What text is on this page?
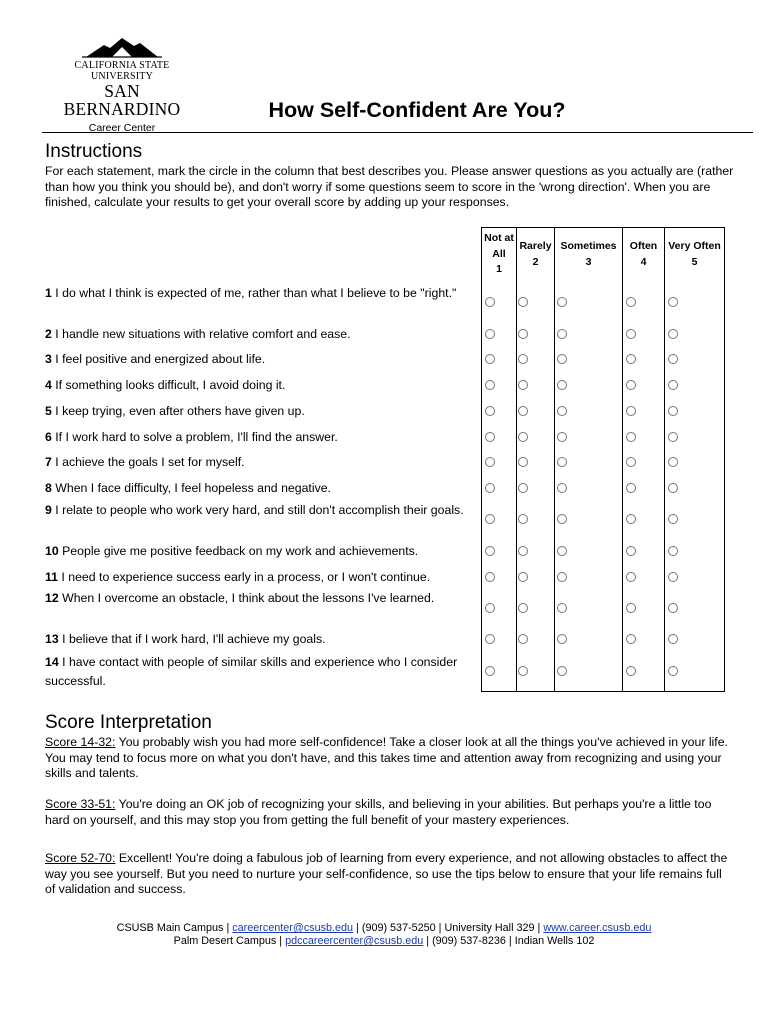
CALIFORNIA STATE UNIVERSITY
SAN BERNARDINO
Career Center
How Self-Confident Are You?
Instructions
For each statement, mark the circle in the column that best describes you. Please answer questions as you actually are (rather than how you think you should be), and don't worry if some questions seem to score in the 'wrong direction'. When you are finished, calculate your results to get your overall score by adding up your responses.
Not at All
1
Rarely
2
Sometimes
3
Often
4
Very Often
5
1 I do what I think is expected of me, rather than what I believe to be "right."
2 I handle new situations with relative comfort and ease.
3 I feel positive and energized about life.
4 If something looks difficult, I avoid doing it.
5 I keep trying, even after others have given up.
6 If I work hard to solve a problem, I'll find the answer.
7 I achieve the goals I set for myself.
8 When I face difficulty, I feel hopeless and negative.
9 I relate to people who work very hard, and still don't accomplish their goals.
10 People give me positive feedback on my work and achievements.
11 I need to experience success early in a process, or I won't continue.
12 When I overcome an obstacle, I think about the lessons I've learned.
13 I believe that if I work hard, I'll achieve my goals.
14 I have contact with people of similar skills and experience who I consider successful.
Score Interpretation
Score 14-32: You probably wish you had more self-confidence! Take a closer look at all the things you've achieved in your life. You may tend to focus more on what you don't have, and this takes time and attention away from recognizing and using your skills and talents.
Score 33-51: You're doing an OK job of recognizing your skills, and believing in your abilities. But perhaps you're a little too hard on yourself, and this may stop you from getting the full benefit of your mastery experiences.
Score 52-70: Excellent! You're doing a fabulous job of learning from every experience, and not allowing obstacles to affect the way you see yourself. But you need to nurture your self-confidence, so use the tips below to ensure that your life remains full of validation and success.
CSUSB Main Campus | careercenter@csusb.edu | (909) 537-5250 | University Hall 329 | www.career.csusb.edu
Palm Desert Campus | pdccareercenter@csusb.edu | (909) 537-8236 | Indian Wells 102
